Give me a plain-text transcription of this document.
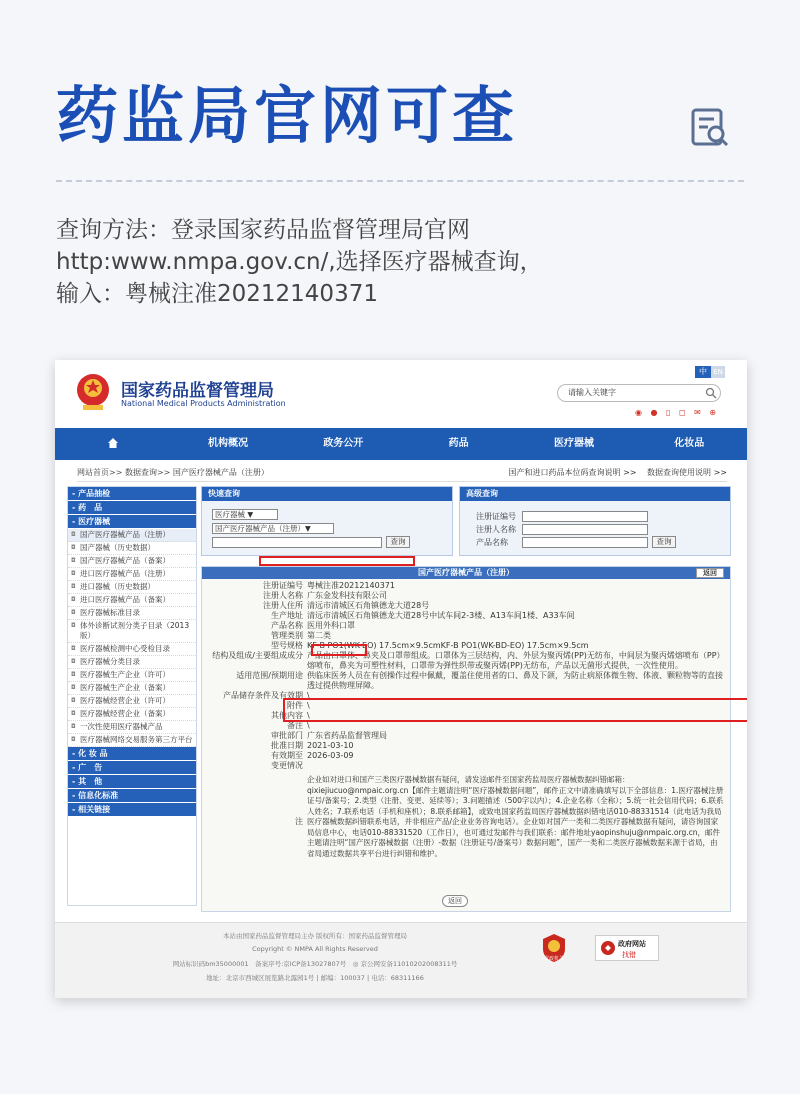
药监局官网可查
查询方法：登录国家药品监督管理局官网
http:www.nmpa.gov.cn/,选择医疗器械查询，
输入：粤械注准20212140371
国家药品监督管理局
National Medical Products Administration
中 EN
请输入关键字
◉ ● ▯ ◻ ✉ ⊕
机构概况	政务公开	药品	医疗器械	化妆品
网站首页>> 数据查询>> 国产医疗器械产品（注册）	国产和进口药品本位码查询说明 >>　 数据查询使用说明 >>
- 产品抽检
- 药　品
- 医疗器械
◘ 国产医疗器械产品（注册）
◘ 国产器械（历史数据）
◘ 国产医疗器械产品（备案）
◘ 进口医疗器械产品（注册）
◘ 进口器械（历史数据）
◘ 进口医疗器械产品（备案）
◘ 医疗器械标准目录
◘ 体外诊断试剂分类子目录（2013版）
◘ 医疗器械检测中心受检目录
◘ 医疗器械分类目录
◘ 医疗器械生产企业（许可）
◘ 医疗器械生产企业（备案）
◘ 医疗器械经营企业（许可）
◘ 医疗器械经营企业（备案）
◘ 一次性使用医疗器械产品
◘ 医疗器械网络交易服务第三方平台
- 化 妆 品
- 广　告
- 其　他
- 信息化标准
- 相关链接
快速查询
医疗器械 ▼
国产医疗器械产品（注册）▼
查询
高级查询
注册证编号
注册人名称
产品名称	查询
国产医疗器械产品（注册）	返回
注册证编号 粤械注准20212140371
注册人名称 广东金发科技有限公司
注册人住所 清远市清城区石角镇德龙大道28号
生产地址 清远市清城区石角镇德龙大道28号中试车间2-3楼、A13车间1楼、A33车间
产品名称 医用外科口罩
管理类别 第二类
型号规格 KF-B PO1(WK-EO) 17.5cm×9.5cmKF-B PO1(WK-BD-EO) 17.5cm×9.5cm
结构及组成/主要组成成分 产品由口罩体、鼻夹及口罩带组成。口罩体为三层结构，内、外层为聚丙烯(PP)无纺布，中间层为聚丙烯熔喷布（PP）熔喷布，鼻夹为可塑性材料，口罩带为弹性织带或聚丙烯(PP)无纺布，产品以无菌形式提供，一次性使用。
适用范围/预期用途 供临床医务人员在有创操作过程中佩戴，覆盖住使用者的口、鼻及下颌，为防止病原体微生物、体液、颗粒物等的直接透过提供物理屏障。
产品储存条件及有效期 \
附件 \
其他内容 \
备注 \
审批部门 广东省药品监督管理局
批准日期 2021-03-10
有效期至 2026-03-09
变更情况
注
企业如对进口和国产三类医疗器械数据有疑问，请发送邮件至国家药监局医疗器械数据纠错邮箱：qixiejiucuo@nmpaic.org.cn【邮件主题请注明“医疗器械数据问题”，邮件正文中请准确填写以下全部信息：1.医疗器械注册证号/备案号；2.类型（注册、变更、延续等）；3.问题描述（500字以内）；4.企业名称（全称）；5.统一社会信用代码；6.联系人姓名；7.联系电话（手机和座机）；8.联系邮箱】，或致电国家药监局医疗器械数据纠错电话010-88331514（此电话为我局医疗器械数据纠错联系电话，并非相应产品/企业业务咨询电话）。企业如对国产一类和二类医疗器械数据有疑问，请咨询国家局信息中心，电话010-88331520（工作日），也可通过发邮件与我们联系：邮件地址yaopinshuju@nmpaic.org.cn，邮件主题请注明“国产医疗器械数据（注册）-数据（注册证号/备案号）数据问题”，国产一类和二类医疗器械数据来源于省局，由省局通过数据共享平台进行纠错和维护。
返回
本站由国家药品监督管理局主办 版权所有：国家药品监督管理局
Copyright © NMPA All Rights Reserved
网站标识码bm35000001　备案序号:京ICP备13027807号　◎ 京公网安备11010202008311号
地址：北京市西城区展览路北露园1号 | 邮编：100037 | 电话：68311166
党政机关
政府网站
找错
